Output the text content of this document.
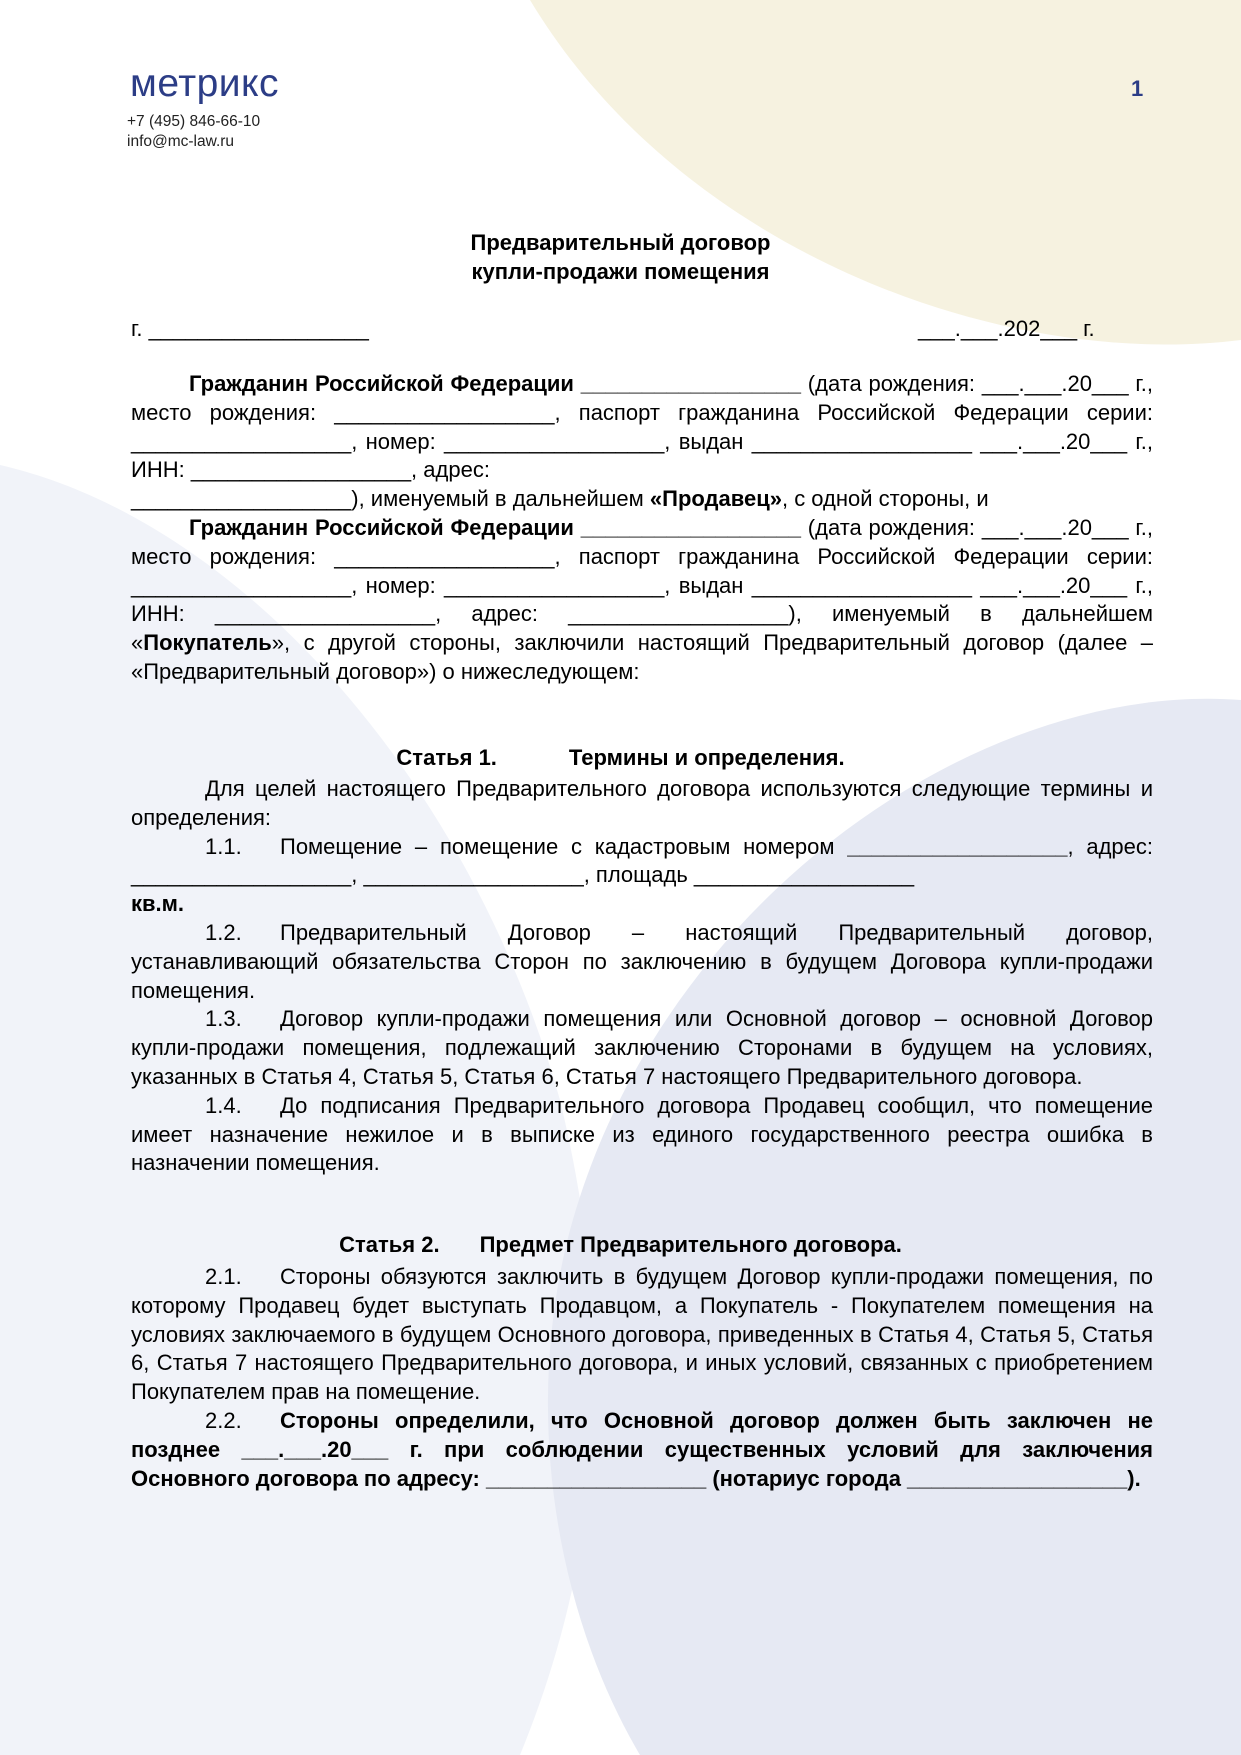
метрикс
+7 (495) 846-66-10
info@mc-law.ru
1
Предварительный договор
купли-продажи помещения
г. __________________	___.___.202___ г.

Гражданин Российской Федерации __________________ (дата рождения: ___.___.20___ г., место рождения: __________________, паспорт гражданина Российской Федерации серии: __________________, номер: __________________, выдан __________________ ___.___.20___ г., ИНН: __________________, адрес:

__________________), именуемый в дальнейшем «Продавец», с одной стороны, и

Гражданин Российской Федерации __________________ (дата рождения: ___.___.20___ г., место рождения: __________________, паспорт гражданина Российской Федерации серии: __________________, номер: __________________, выдан __________________ ___.___.20___ г., ИНН: __________________, адрес: __________________), именуемый в дальнейшем «Покупатель», с другой стороны, заключили настоящий Предварительный договор (далее – «Предварительный договор») о нижеследующем:

Статья 1.	Термины и определения.

Для целей настоящего Предварительного договора используются следующие термины и определения:

1.1. Помещение – помещение с кадастровым номером __________________, адрес: __________________, __________________, площадь __________________

кв.м.

1.2. Предварительный Договор – настоящий Предварительный договор, устанавливающий обязательства Сторон по заключению в будущем Договора купли-продажи помещения.

1.3. Договор купли-продажи помещения или Основной договор – основной Договор купли-продажи помещения, подлежащий заключению Сторонами в будущем на условиях, указанных в Статья 4, Статья 5, Статья 6, Статья 7 настоящего Предварительного договора.

1.4. До подписания Предварительного договора Продавец сообщил, что помещение имеет назначение нежилое и в выписке из единого государственного реестра ошибка в назначении помещения.

Статья 2. Предмет Предварительного договора.

2.1. Стороны обязуются заключить в будущем Договор купли-продажи помещения, по которому Продавец будет выступать Продавцом, а Покупатель - Покупателем помещения на условиях заключаемого в будущем Основного договора, приведенных в Статья 4, Статья 5, Статья 6, Статья 7 настоящего Предварительного договора, и иных условий, связанных с приобретением Покупателем прав на помещение.

2.2. Стороны определили, что Основной договор должен быть заключен не позднее ___.___.20___ г. при соблюдении существенных условий для заключения Основного договора по адресу: __________________ (нотариус города __________________).
